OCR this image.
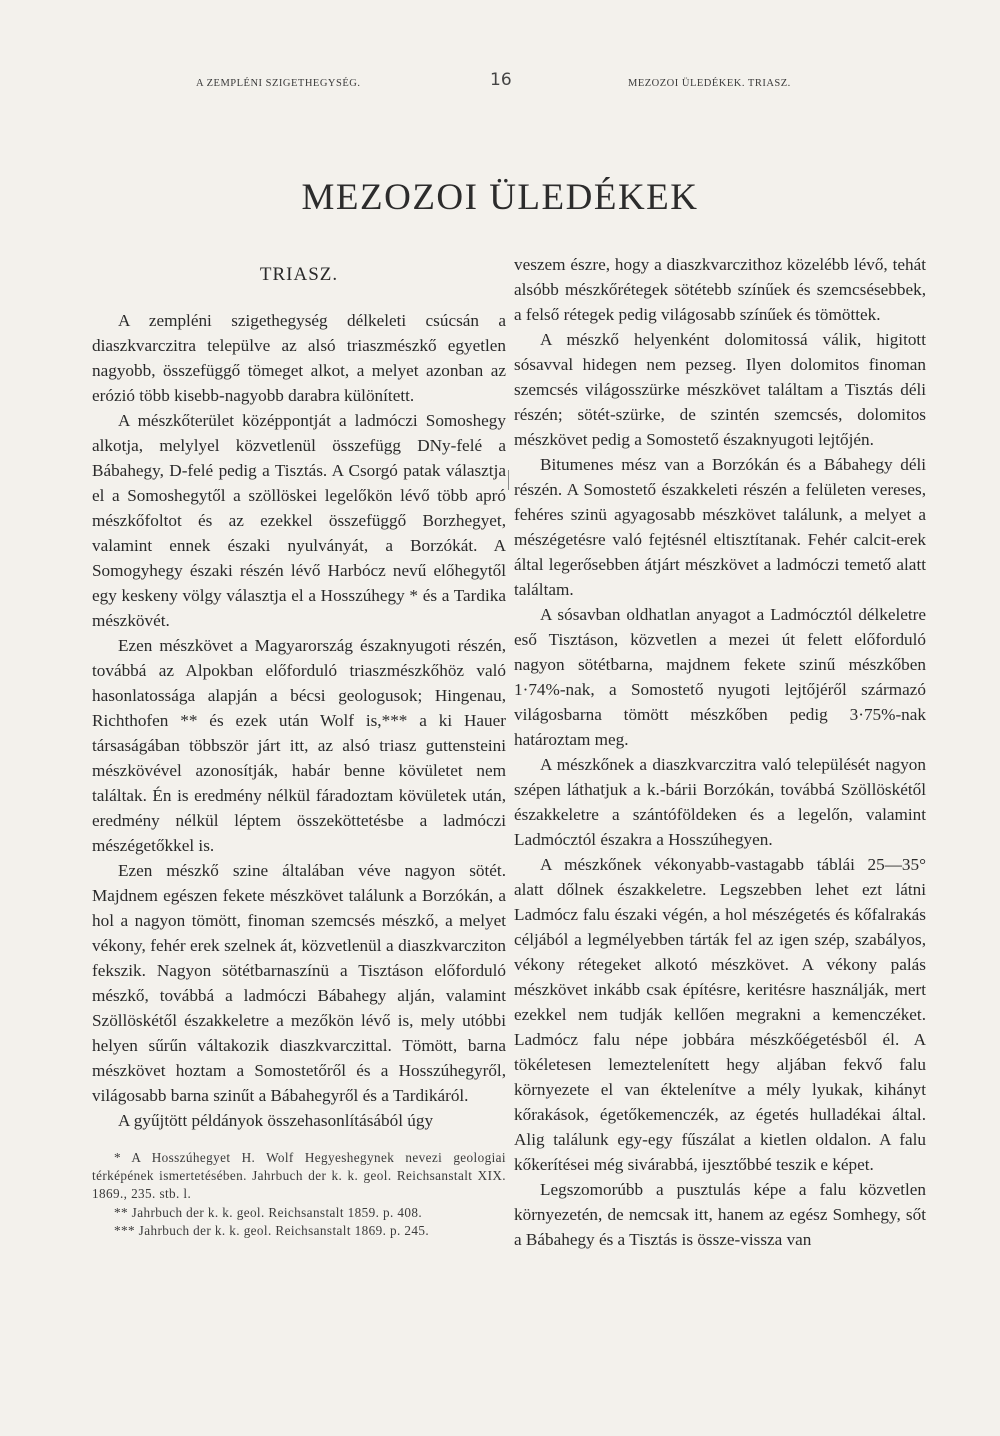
A ZEMPLÉNI SZIGETHEGYSÉG.	16	MEZOZOI ÜLEDÉKEK. TRIASZ.
MEZOZOI ÜLEDÉKEK
TRIASZ.

A zempléni szigethegység délkeleti csúcsán a diaszkvarczitra települve az alsó triaszmészkő egyetlen nagyobb, összefüggő tömeget alkot, a melyet azonban az erózió több kisebb-nagyobb darabra különített.

A mészkőterület középpontját a ladmóczi Somoshegy alkotja, melylyel közvetlenül összefügg DNy-felé a Bábahegy, D-felé pedig a Tisztás. A Csorgó patak választja el a Somoshegytől a szöllöskei legelőkön lévő több apró mészkőfoltot és az ezekkel összefüggő Borzhegyet, valamint ennek északi nyulványát, a Borzókát. A Somogyhegy északi részén lévő Harbócz nevű előhegytől egy keskeny völgy választja el a Hosszúhegy * és a Tardika mészkövét.

Ezen mészkövet a Magyarország északnyugoti részén, továbbá az Alpokban előforduló triaszmészkőhöz való hasonlatossága alapján a bécsi geologusok; Hingenau, Richthofen ** és ezek után Wolf is,*** a ki Hauer társaságában többször járt itt, az alsó triasz guttensteini mészkövével azonosítják, habár benne kövületet nem találtak. Én is eredmény nélkül fáradoztam kövületek után, eredmény nélkül léptem összeköttetésbe a ladmóczi mészégetőkkel is.

Ezen mészkő szine általában véve nagyon sötét. Majdnem egészen fekete mészkövet találunk a Borzókán, a hol a nagyon tömött, finoman szemcsés mészkő, a melyet vékony, fehér erek szelnek át, közvetlenül a diaszkvarcziton fekszik. Nagyon sötétbarnaszínü a Tisztáson előforduló mészkő, továbbá a ladmóczi Bábahegy alján, valamint Szöllöskétől északkeletre a mezőkön lévő is, mely utóbbi helyen sűrűn váltakozik diaszkvarczittal. Tömött, barna mészkövet hoztam a Somostetőről és a Hosszúhegyről, világosabb barna szinűt a Bábahegyről és a Tardikáról.

A gyűjtött példányok összehasonlításából úgy

* A Hosszúhegyet H. Wolf Hegyeshegynek nevezi geologiai térképének ismertetésében. Jahrbuch der k. k. geol. Reichsanstalt XIX. 1869., 235. stb. l.

** Jahrbuch der k. k. geol. Reichsanstalt 1859. p. 408.

*** Jahrbuch der k. k. geol. Reichsanstalt 1869. p. 245.

veszem észre, hogy a diaszkvarczithoz közelébb lévő, tehát alsóbb mészkőrétegek sötétebb színűek és szemcsésebbek, a felső rétegek pedig világosabb színűek és tömöttek.

A mészkő helyenként dolomitossá válik, higitott sósavval hidegen nem pezseg. Ilyen dolomitos finoman szemcsés világosszürke mészkövet találtam a Tisztás déli részén; sötét-szürke, de szintén szemcsés, dolomitos mészkövet pedig a Somostető északnyugoti lejtőjén.

Bitumenes mész van a Borzókán és a Bábahegy déli részén. A Somostető északkeleti részén a felületen vereses, fehéres szinü agyagosabb mészkövet találunk, a melyet a mészégetésre való fejtésnél eltisztítanak. Fehér calcit-erek által legerősebben átjárt mészkövet a ladmóczi temető alatt találtam.

A sósavban oldhatlan anyagot a Ladmócztól délkeletre eső Tisztáson, közvetlen a mezei út felett előforduló nagyon sötétbarna, majdnem fekete szinű mészkőben 1·74%-nak, a Somostető nyugoti lejtőjéről származó világosbarna tömött mészkőben pedig 3·75%-nak határoztam meg.

A mészkőnek a diaszkvarczitra való települését nagyon szépen láthatjuk a k.-bárii Borzókán, továbbá Szöllöskétől északkeletre a szántóföldeken és a legelőn, valamint Ladmócztól északra a Hosszúhegyen.

A mészkőnek vékonyabb-vastagabb táblái 25—35° alatt dőlnek északkeletre. Legszebben lehet ezt látni Ladmócz falu északi végén, a hol mészégetés és kőfalrakás céljából a legmélyebben tárták fel az igen szép, szabályos, vékony rétegeket alkotó mészkövet. A vékony palás mészkövet inkább csak építésre, keritésre használják, mert ezekkel nem tudják kellően megrakni a kemenczéket. Ladmócz falu népe jobbára mészkőégetésből él. A tökéletesen lemeztelenített hegy aljában fekvő falu környezete el van éktelenítve a mély lyukak, kihányt kőrakások, égetőkemenczék, az égetés hulladékai által. Alig találunk egy-egy fűszálat a kietlen oldalon. A falu kőkerítései még sivárabbá, ijesztőbbé teszik e képet.

Legszomorúbb a pusztulás képe a falu közvetlen környezetén, de nemcsak itt, hanem az egész Somhegy, sőt a Bábahegy és a Tisztás is össze-vissza van
